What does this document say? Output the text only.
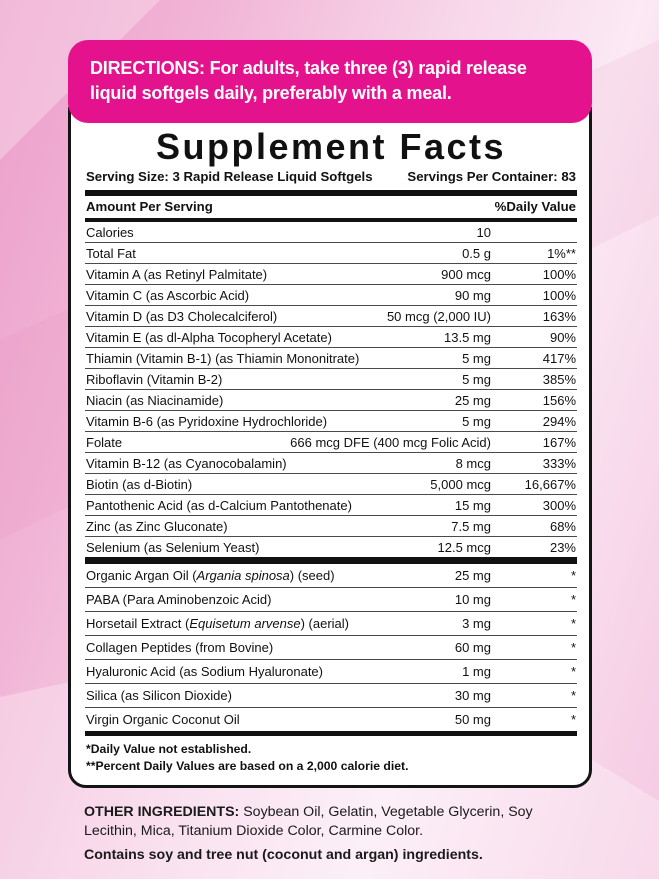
DIRECTIONS: For adults, take three (3) rapid release
liquid softgels daily, preferably with a meal.
Supplement Facts
Serving Size: 3 Rapid Release Liquid Softgels	Servings Per Container: 83
Amount Per Serving	%Daily Value
Calories	10
Total Fat	0.5 g	1%**
Vitamin A (as Retinyl Palmitate)	900 mcg	100%
Vitamin C (as Ascorbic Acid)	90 mg	100%
Vitamin D (as D3 Cholecalciferol)	50 mcg (2,000 IU)	163%
Vitamin E (as dl-Alpha Tocopheryl Acetate)	13.5 mg	90%
Thiamin (Vitamin B-1) (as Thiamin Mononitrate)	5 mg	417%
Riboflavin (Vitamin B-2)	5 mg	385%
Niacin (as Niacinamide)	25 mg	156%
Vitamin B-6 (as Pyridoxine Hydrochloride)	5 mg	294%
Folate	666 mcg DFE (400 mcg Folic Acid)	167%
Vitamin B-12 (as Cyanocobalamin)	8 mcg	333%
Biotin (as d-Biotin)	5,000 mcg	16,667%
Pantothenic Acid (as d-Calcium Pantothenate)	15 mg	300%
Zinc (as Zinc Gluconate)	7.5 mg	68%
Selenium (as Selenium Yeast)	12.5 mcg	23%
Organic Argan Oil (Argania spinosa) (seed)	25 mg	*
PABA (Para Aminobenzoic Acid)	10 mg	*
Horsetail Extract (Equisetum arvense) (aerial)	3 mg	*
Collagen Peptides (from Bovine)	60 mg	*
Hyaluronic Acid (as Sodium Hyaluronate)	1 mg	*
Silica (as Silicon Dioxide)	30 mg	*
Virgin Organic Coconut Oil	50 mg	*
*Daily Value not established.
**Percent Daily Values are based on a 2,000 calorie diet.
OTHER INGREDIENTS: Soybean Oil, Gelatin, Vegetable Glycerin, Soy Lecithin, Mica, Titanium Dioxide Color, Carmine Color.
Contains soy and tree nut (coconut and argan) ingredients.
